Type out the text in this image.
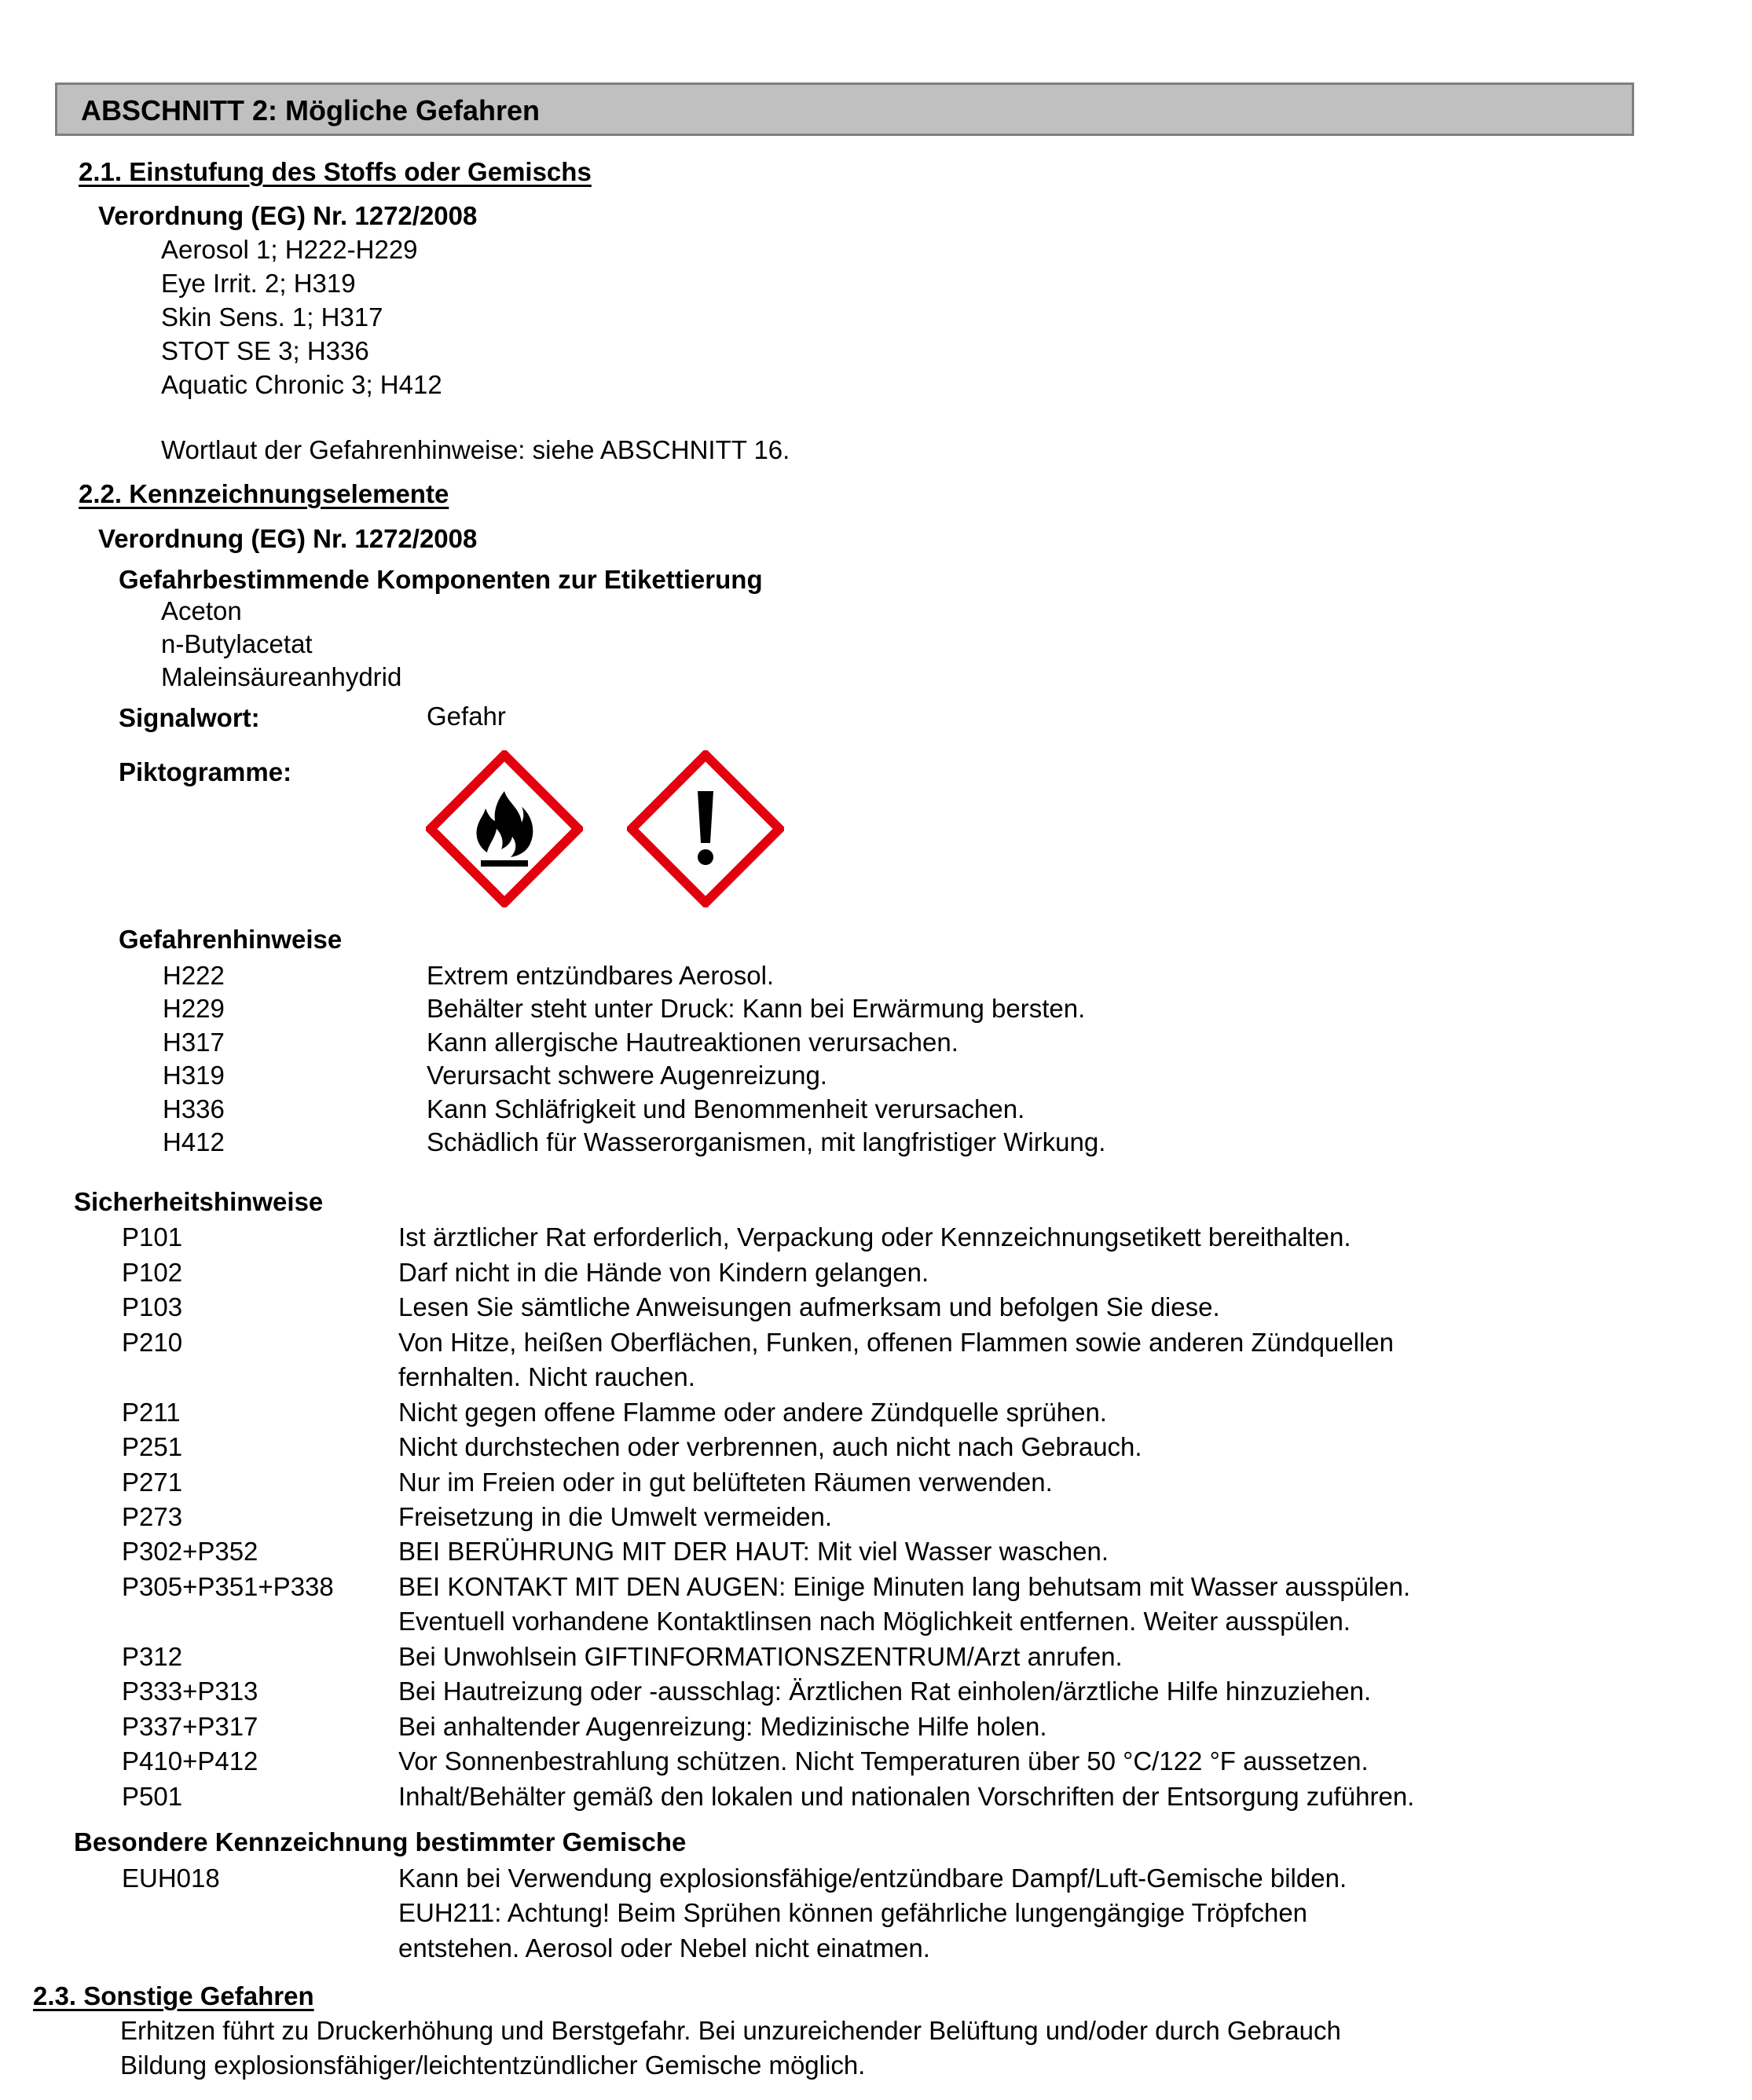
ABSCHNITT 2: Mögliche Gefahren
2.1. Einstufung des Stoffs oder Gemischs
Verordnung (EG) Nr. 1272/2008
Aerosol 1; H222-H229
Eye Irrit. 2; H319
Skin Sens. 1; H317
STOT SE 3; H336
Aquatic Chronic 3; H412
Wortlaut der Gefahrenhinweise: siehe ABSCHNITT 16.
2.2. Kennzeichnungselemente
Verordnung (EG) Nr. 1272/2008
Gefahrbestimmende Komponenten zur Etikettierung
Aceton
n-Butylacetat
Maleinsäureanhydrid
Signalwort:	Gefahr
Piktogramme:
Gefahrenhinweise
H222	Extrem entzündbares Aerosol.
H229	Behälter steht unter Druck: Kann bei Erwärmung bersten.
H317	Kann allergische Hautreaktionen verursachen.
H319	Verursacht schwere Augenreizung.
H336	Kann Schläfrigkeit und Benommenheit verursachen.
H412	Schädlich für Wasserorganismen, mit langfristiger Wirkung.
Sicherheitshinweise
P101	Ist ärztlicher Rat erforderlich, Verpackung oder Kennzeichnungsetikett bereithalten.
P102	Darf nicht in die Hände von Kindern gelangen.
P103	Lesen Sie sämtliche Anweisungen aufmerksam und befolgen Sie diese.
P210	Von Hitze, heißen Oberflächen, Funken, offenen Flammen sowie anderen Zündquellen
fernhalten. Nicht rauchen.
P211	Nicht gegen offene Flamme oder andere Zündquelle sprühen.
P251	Nicht durchstechen oder verbrennen, auch nicht nach Gebrauch.
P271	Nur im Freien oder in gut belüfteten Räumen verwenden.
P273	Freisetzung in die Umwelt vermeiden.
P302+P352	BEI BERÜHRUNG MIT DER HAUT: Mit viel Wasser waschen.
P305+P351+P338 BEI KONTAKT MIT DEN AUGEN: Einige Minuten lang behutsam mit Wasser ausspülen.
Eventuell vorhandene Kontaktlinsen nach Möglichkeit entfernen. Weiter ausspülen.
P312	Bei Unwohlsein GIFTINFORMATIONSZENTRUM/Arzt anrufen.
P333+P313	Bei Hautreizung oder -ausschlag: Ärztlichen Rat einholen/ärztliche Hilfe hinzuziehen.
P337+P317	Bei anhaltender Augenreizung: Medizinische Hilfe holen.
P410+P412	Vor Sonnenbestrahlung schützen. Nicht Temperaturen über 50 °C/122 °F aussetzen.
P501	Inhalt/Behälter gemäß den lokalen und nationalen Vorschriften der Entsorgung zuführen.
Besondere Kennzeichnung bestimmter Gemische
EUH018	Kann bei Verwendung explosionsfähige/entzündbare Dampf/Luft-Gemische bilden.
EUH211: Achtung! Beim Sprühen können gefährliche lungengängige Tröpfchen
entstehen. Aerosol oder Nebel nicht einatmen.
2.3. Sonstige Gefahren
Erhitzen führt zu Druckerhöhung und Berstgefahr. Bei unzureichender Belüftung und/oder durch Gebrauch
Bildung explosionsfähiger/leichtentzündlicher Gemische möglich.
